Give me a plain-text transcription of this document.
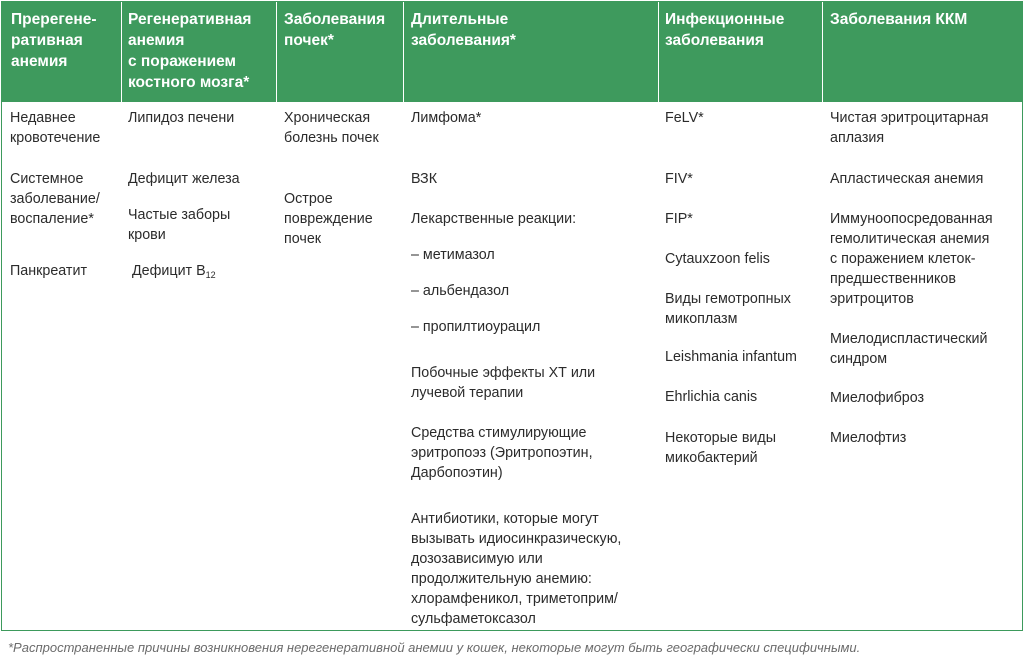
Пререгене-
ративная
анемия
Регенеративная
анемия
с поражением
костного мозга*
Заболевания
почек*
Длительные
заболевания*
Инфекционные
заболевания
Заболевания ККМ
Недавнее
кровотечение
Системное
заболевание/
воспаление*
Панкреатит
Липидоз печени
Дефицит железа
Частые заборы
крови
Дефицит $B_{12}$
Хроническая
болезнь почек
Острое
повреждение
почек
Лимфома*
ВЗК
Лекарственные реакции:
– метимазол
– альбендазол
– пропилтиоурацил
Побочные эффекты ХТ или
лучевой терапии
Средства стимулирующие
эритропоэз (Эритропоэтин,
Дарбопоэтин)
Антибиотики, которые могут
вызывать идиосинкразическую,
дозозависимую или
продолжительную анемию:
хлорамфеникол, триметоприм/
сульфаметоксазол
FeLV*
FIV*
FIP*
Cytauxzoon felis
Виды гемотропных
микоплазм
Leishmania infantum
Ehrlichia canis
Некоторые виды
микобактерий
Чистая эритроцитарная
аплазия
Апластическая анемия
Иммуноопосредованная
гемолитическая анемия
с поражением клеток-
предшественников
эритроцитов
Миелодиспластический
синдром
Миелофиброз
Миелофтиз
*Распространенные причины возникновения нерегенеративной анемии у кошек, некоторые могут быть географически специфичными.
